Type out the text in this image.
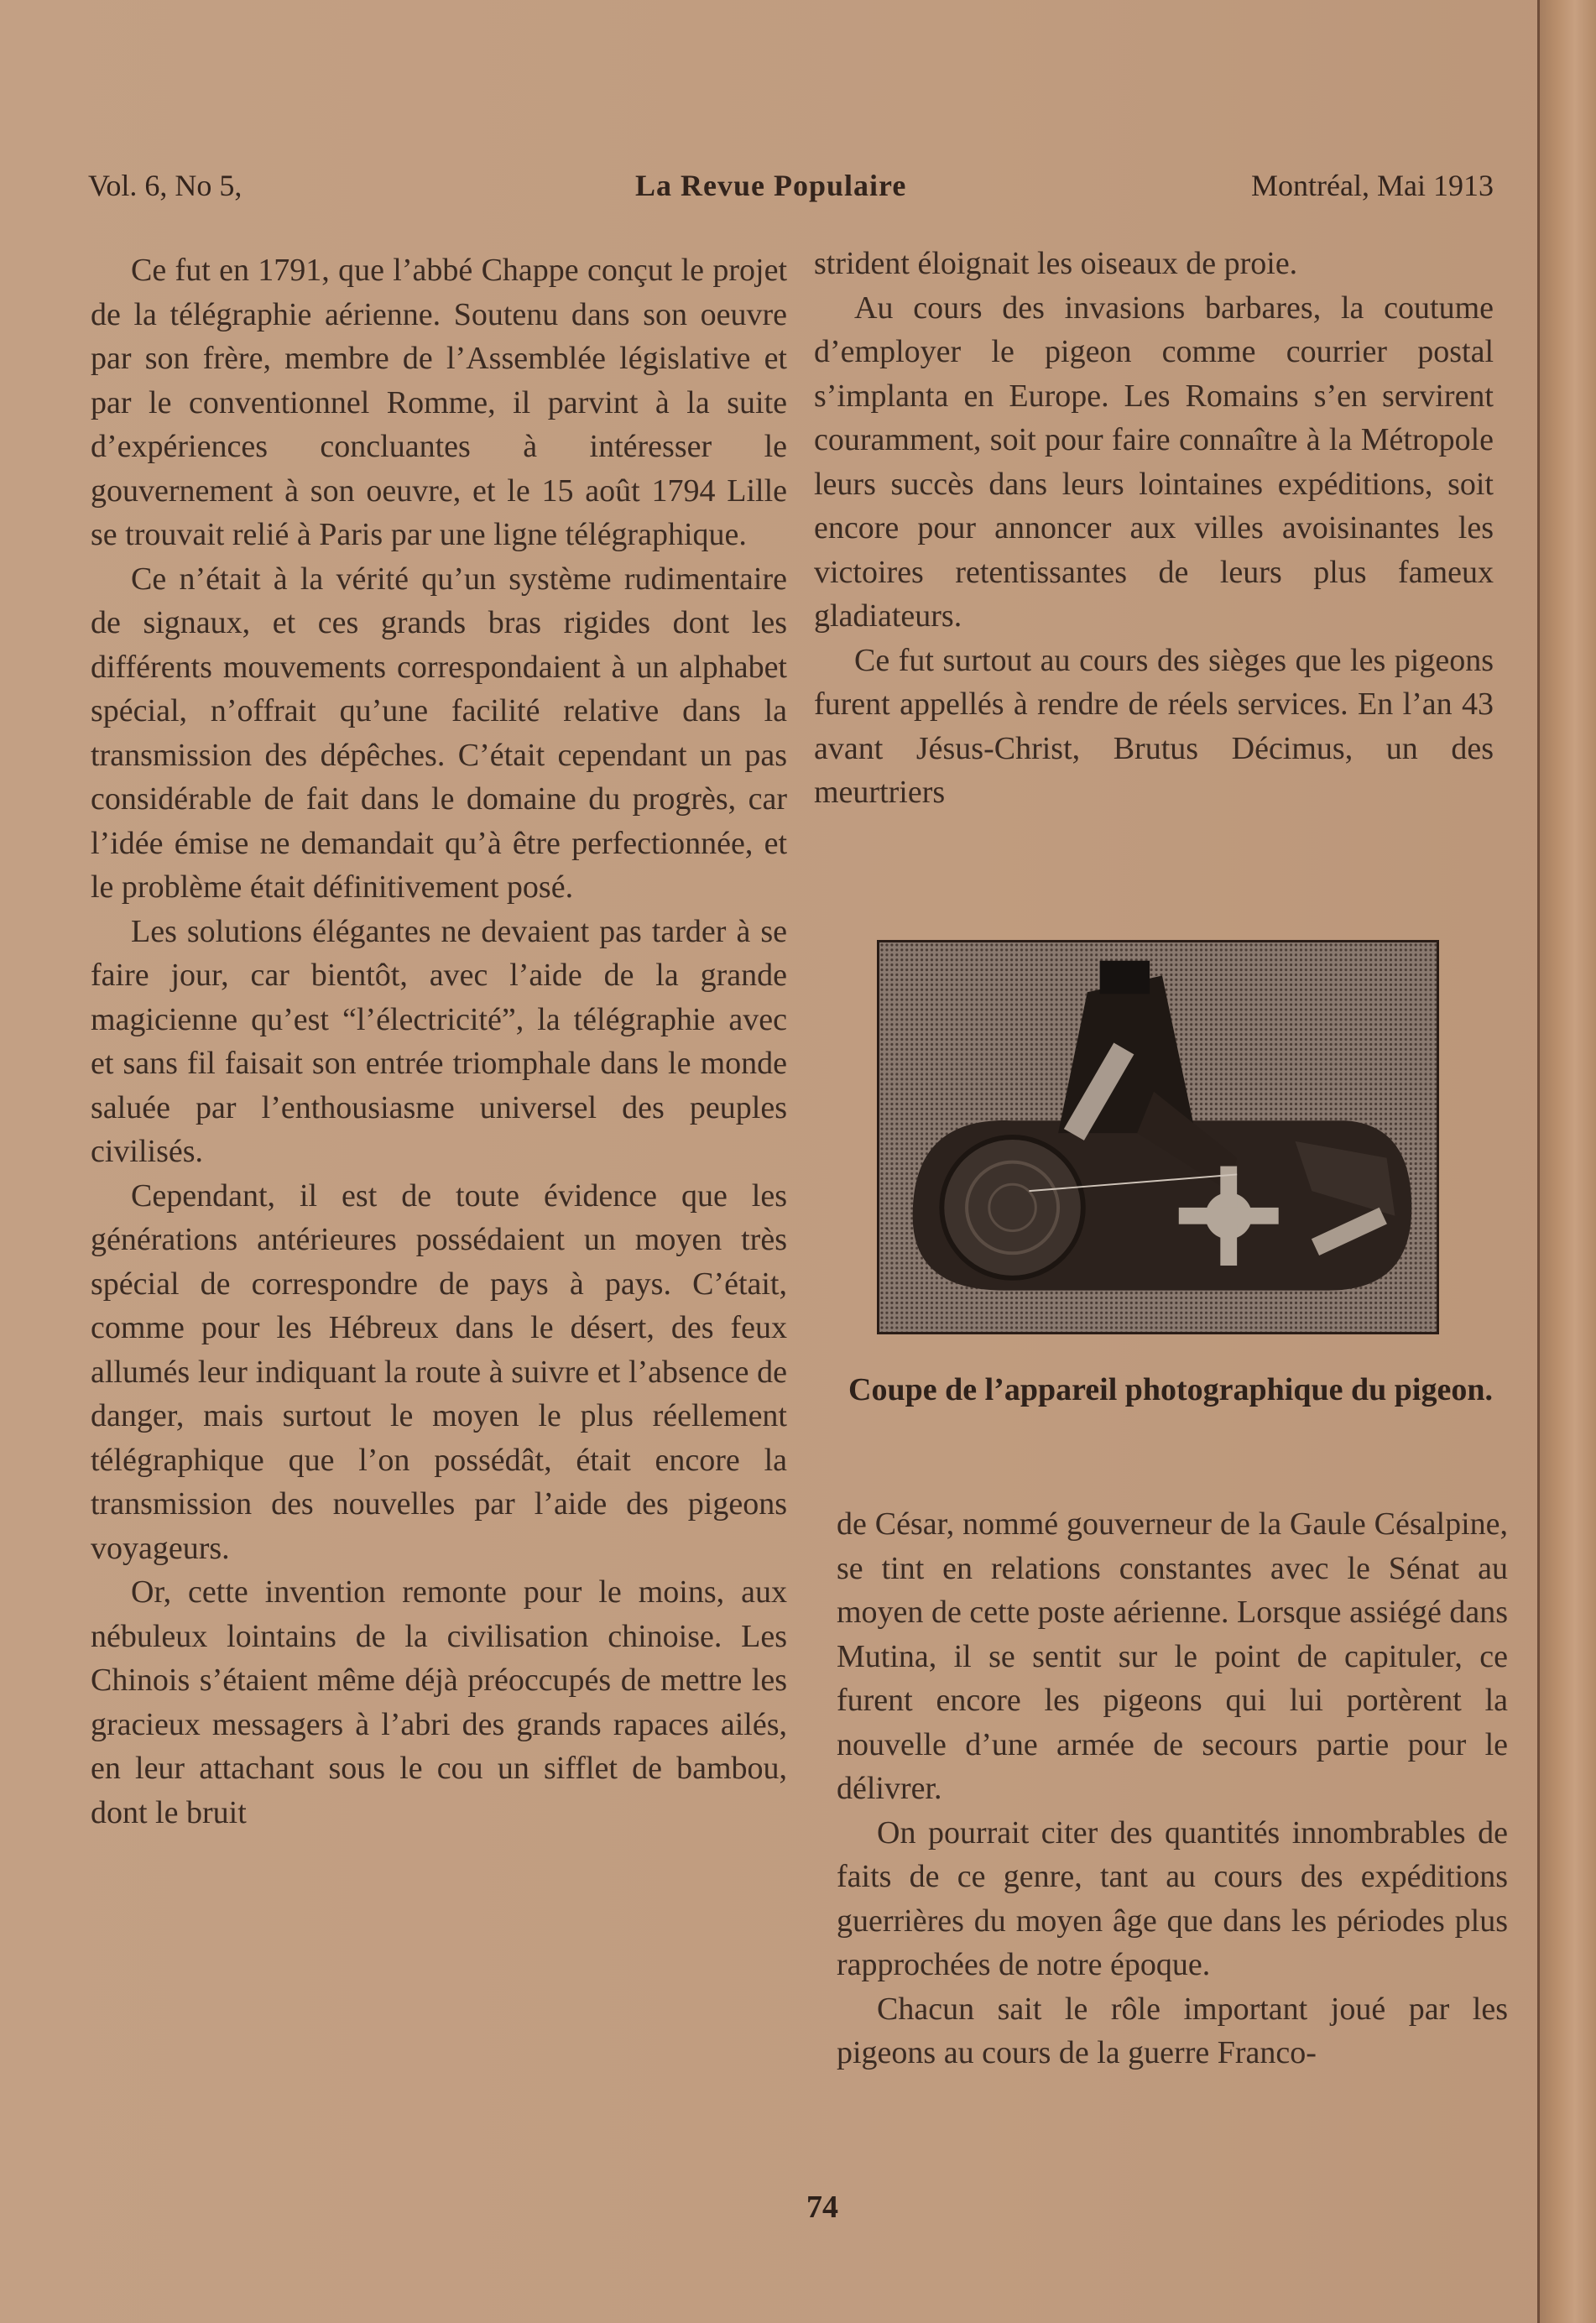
Vol. 6, No 5,	La Revue Populaire	Montréal, Mai 1913

Ce fut en 1791, que l’abbé Chappe conçut le projet de la télégraphie aérienne. Soutenu dans son oeuvre par son frère, membre de l’Assemblée législative et par le conventionnel Romme, il parvint à la suite d’expériences concluantes à intéresser le gouvernement à son oeuvre, et le 15 août 1794 Lille se trouvait relié à Paris par une ligne télégraphique.

Ce n’était à la vérité qu’un système rudimentaire de signaux, et ces grands bras rigides dont les différents mouvements correspondaient à un alphabet spécial, n’offrait qu’une facilité relative dans la transmission des dépêches. C’était cependant un pas considérable de fait dans le domaine du progrès, car l’idée émise ne demandait qu’à être perfectionnée, et le problème était définitivement posé.

Les solutions élégantes ne devaient pas tarder à se faire jour, car bientôt, avec l’aide de la grande magicienne qu’est “l’électricité”, la télégraphie avec et sans fil faisait son entrée triomphale dans le monde saluée par l’enthousiasme universel des peuples civilisés.

Cependant, il est de toute évidence que les générations antérieures possédaient un moyen très spécial de correspondre de pays à pays. C’était, comme pour les Hébreux dans le désert, des feux allumés leur indiquant la route à suivre et l’absence de danger, mais surtout le moyen le plus réellement télégraphique que l’on possédât, était encore la transmission des nouvelles par l’aide des pigeons voyageurs.

Or, cette invention remonte pour le moins, aux nébuleux lointains de la civilisation chinoise. Les Chinois s’étaient même déjà préoccupés de mettre les gracieux messagers à l’abri des grands rapaces ailés, en leur attachant sous le cou un sifflet de bambou, dont le bruit

strident éloignait les oiseaux de proie.

Au cours des invasions barbares, la coutume d’employer le pigeon comme courrier postal s’implanta en Europe. Les Romains s’en servirent couramment, soit pour faire connaître à la Métropole leurs succès dans leurs lointaines expéditions, soit encore pour annoncer aux villes avoisinantes les victoires retentissantes de leurs plus fameux gladiateurs.

Ce fut surtout au cours des sièges que les pigeons furent appellés à rendre de réels services. En l’an 43 avant Jésus-Christ, Brutus Décimus, un des meurtriers

Coupe de l’appareil photographique du pigeon.

de César, nommé gouverneur de la Gaule Césalpine, se tint en relations constantes avec le Sénat au moyen de cette poste aérienne. Lorsque assiégé dans Mutina, il se sentit sur le point de capituler, ce furent encore les pigeons qui lui portèrent la nouvelle d’une armée de secours partie pour le délivrer.

On pourrait citer des quantités innombrables de faits de ce genre, tant au cours des expéditions guerrières du moyen âge que dans les périodes plus rapprochées de notre époque.

Chacun sait le rôle important joué par les pigeons au cours de la guerre Franco-

74
